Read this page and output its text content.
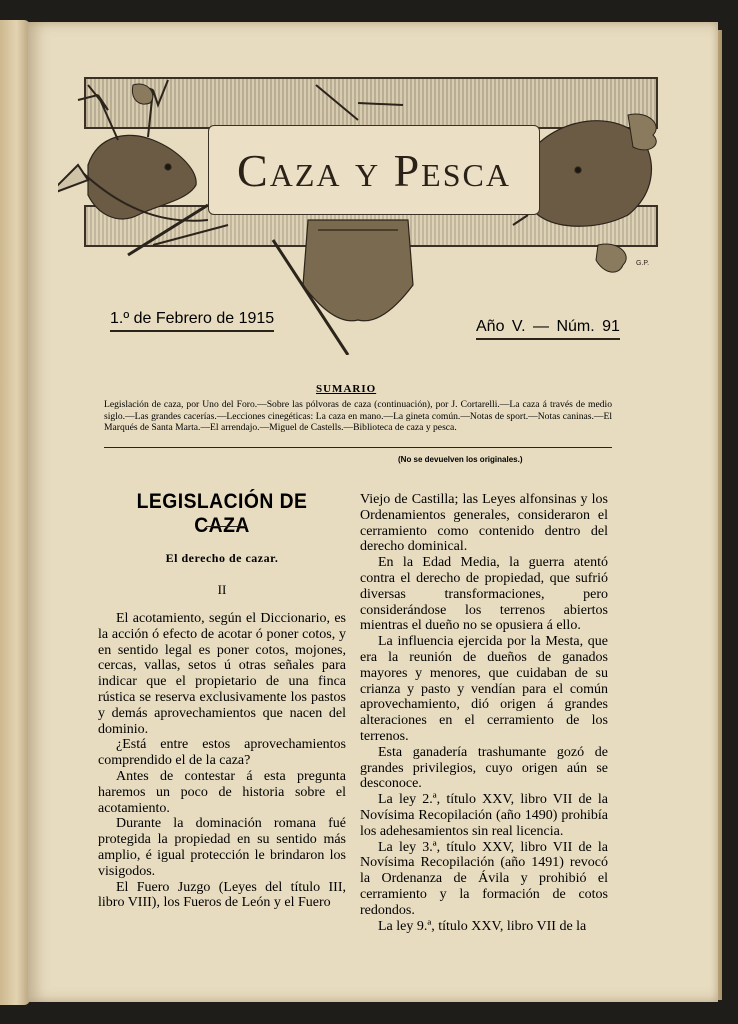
G.P.
Caza y Pesca
1.º de Febrero de 1915	Año V. — Núm. 91
SUMARIO
Legislación de caza, por Uno del Foro.—Sobre las pólvoras de caza (continuación), por J. Cortarelli.—La caza á través de medio siglo.—Las grandes cacerías.—Lecciones cinegéticas: La caza en mano.—La gineta común.—Notas de sport.—Notas caninas.—El Marqués de Santa Marta.—El arrendajo.—Miguel de Castells.—Biblioteca de caza y pesca.
(No se devuelven los originales.)
LEGISLACIÓN DE CAZA
El derecho de cazar.
II

El acotamiento, según el Diccionario, es la acción ó efecto de acotar ó poner cotos, y en sentido legal es poner cotos, mojones, cercas, vallas, setos ú otras señales para indicar que el propietario de una finca rústica se reserva exclusivamente los pastos y demás aprovechamientos que nacen del dominio.

¿Está entre estos aprovechamientos comprendido el de la caza?

Antes de contestar á esta pregunta haremos un poco de historia sobre el acotamiento.

Durante la dominación romana fué protegida la propiedad en su sentido más amplio, é igual protección le brindaron los visigodos.

El Fuero Juzgo (Leyes del título III, libro VIII), los Fueros de León y el Fuero

Viejo de Castilla; las Leyes alfonsinas y los Ordenamientos generales, consideraron el cerramiento como contenido dentro del derecho dominical.

En la Edad Media, la guerra atentó contra el derecho de propiedad, que sufrió diversas transformaciones, pero considerándose los terrenos abiertos mientras el dueño no se opusiera á ello.

La influencia ejercida por la Mesta, que era la reunión de dueños de ganados mayores y menores, que cuidaban de su crianza y pasto y vendían para el común aprovechamiento, dió origen á grandes alteraciones en el cerramiento de los terrenos.

Esta ganadería trashumante gozó de grandes privilegios, cuyo origen aún se desconoce.

La ley 2.ª, título XXV, libro VII de la Novísima Recopilación (año 1490) prohibía los adehesamientos sin real licencia.

La ley 3.ª, título XXV, libro VII de la Novísima Recopilación (año 1491) revocó la Ordenanza de Ávila y prohibió el cerramiento y la formación de cotos redondos.

La ley 9.ª, título XXV, libro VII de la
